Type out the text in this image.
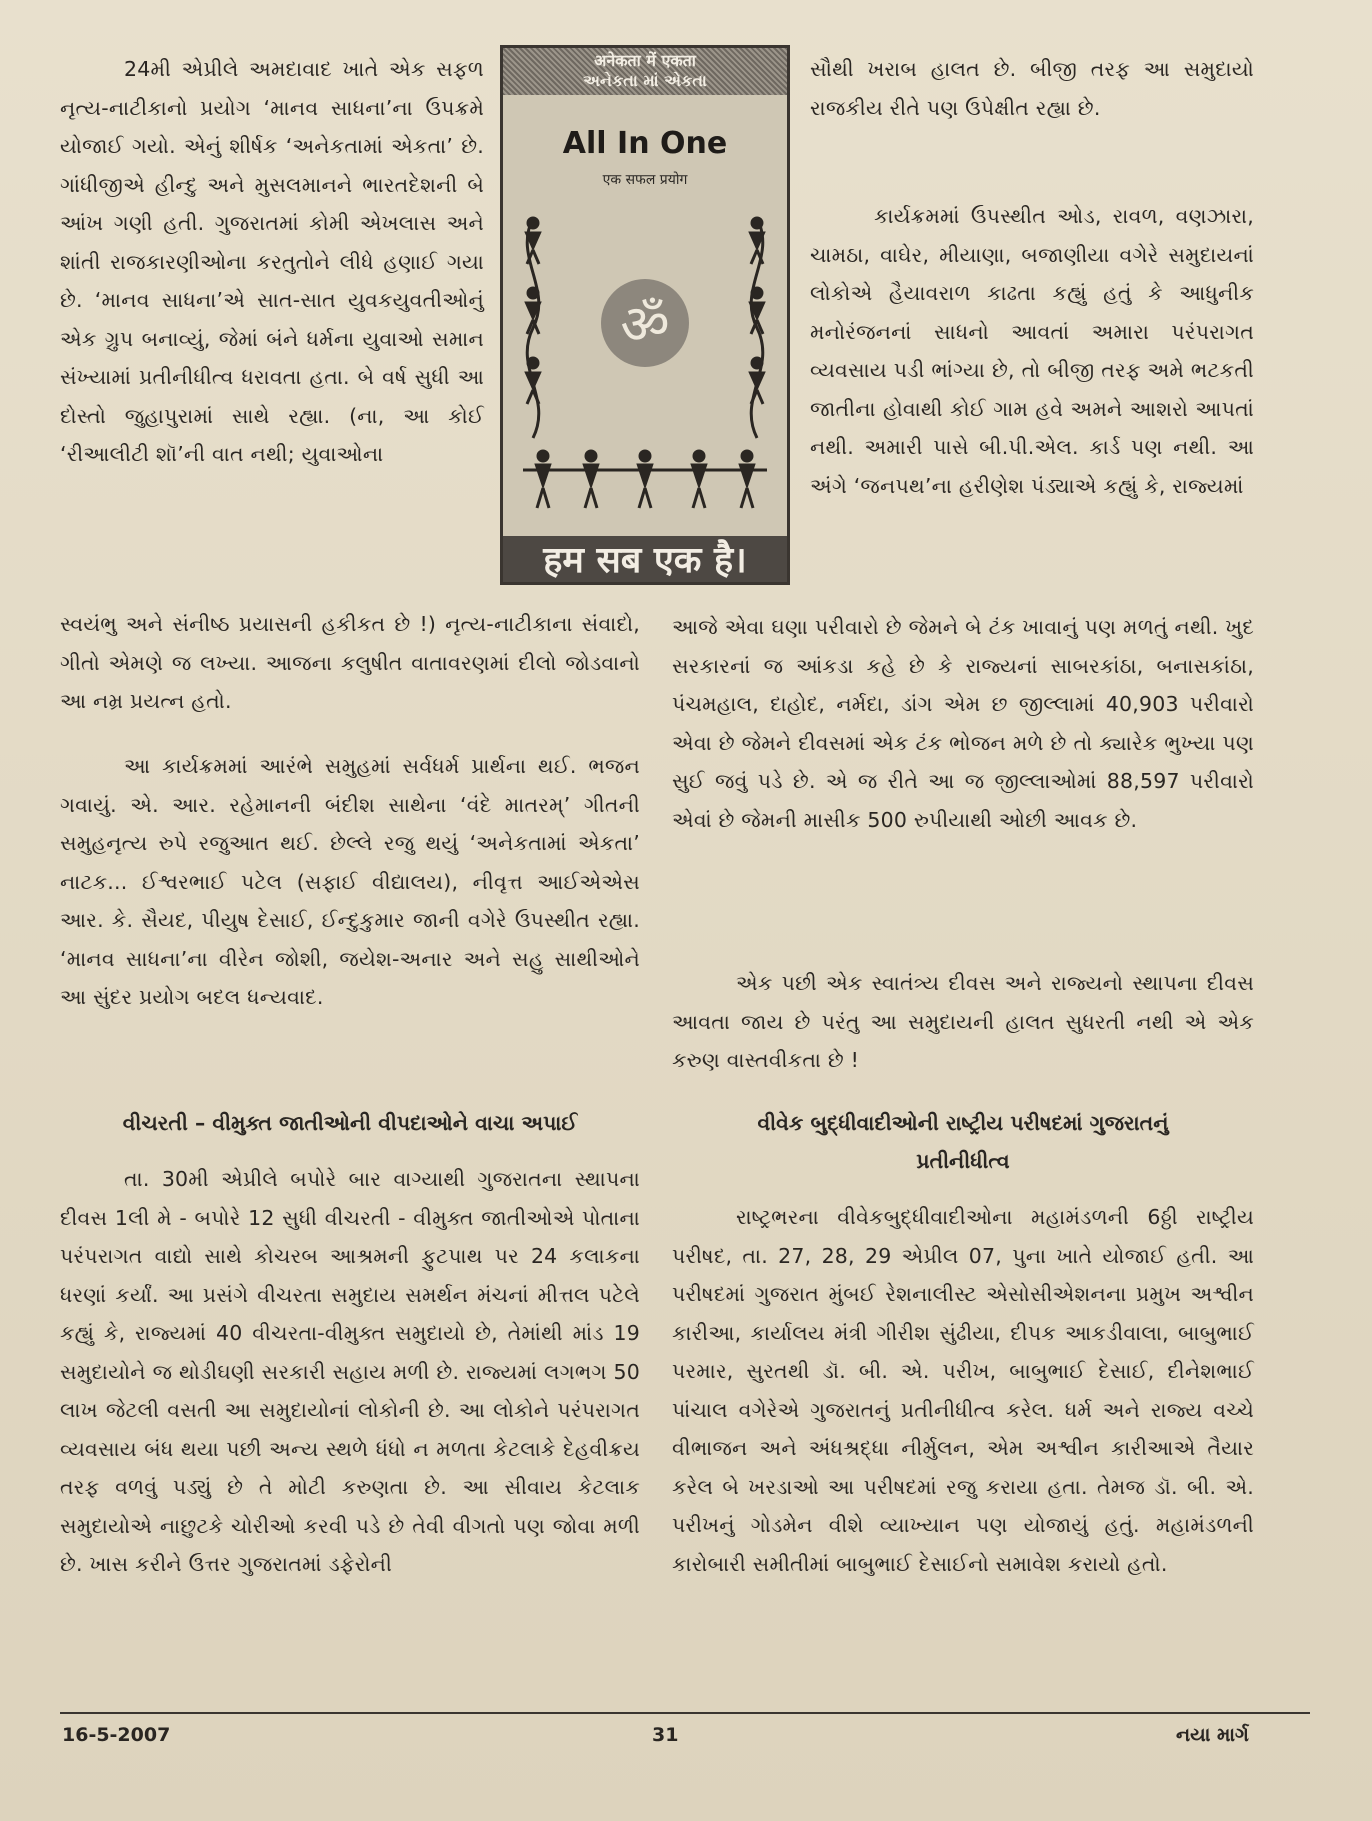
24મી એપ્રીલે અમદાવાદ ખાતે એક સફળ નૃત્ય-નાટીકાનો પ્રયોગ ‘માનવ સાધના’ના ઉપક્રમે યોજાઈ ગયો. એનું શીર્ષક ‘અનેકતામાં એકતા’ છે. ગાંધીજીએ હીન્દુ અને મુસલમાનને ભારતદેશની બે આંખ ગણી હતી. ગુજરાતમાં કોમી એખલાસ અને શાંતી રાજકારણીઓના કરતુતોને લીધે હણાઈ ગયા છે. ‘માનવ સાધના’એ સાત-સાત યુવકયુવતીઓનું એક ગ્રુપ બનાવ્યું, જેમાં બંને ધર્મના યુવાઓ સમાન સંખ્યામાં પ્રતીનીધીત્વ ધરાવતા હતા. બે વર્ષ સુધી આ દોસ્તો જુહાપુરામાં સાથે રહ્યા. (ના, આ કોઈ ‘રીઆલીટી શૉ’ની વાત નથી; યુવાઓના

अनेकता में एकता
અનેકતા માં એકતા
All In One
एक सफल प्रयोग
ॐ
हम सब एक है।

સૌથી ખરાબ હાલત છે. બીજી તરફ આ સમુદાયો રાજકીય રીતે પણ ઉપેક્ષીત રહ્યા છે.

કાર્યક્રમમાં ઉપસ્થીત ઓડ, રાવળ, વણઝારા, ચામઠા, વાઘેર, મીયાણા, બજાણીયા વગેરે સમુદાયનાં લોકોએ હૈયાવરાળ કાઢતા કહ્યું હતું કે આધુનીક મનોરંજનનાં સાધનો આવતાં અમારા પરંપરાગત વ્યવસાય પડી ભાંગ્યા છે, તો બીજી તરફ અમે ભટકતી જાતીના હોવાથી કોઈ ગામ હવે અમને આશરો આપતાં નથી. અમારી પાસે બી.પી.એલ. કાર્ડ પણ નથી. આ અંગે ‘જનપથ’ના હરીણેશ પંડ્યાએ કહ્યું કે, રાજ્યમાં

સ્વયંભુ અને સંનીષ્ઠ પ્રયાસની હકીકત છે !) નૃત્ય-નાટીકાના સંવાદો, ગીતો એમણે જ લખ્યા. આજના કલુષીત વાતાવરણમાં દીલો જોડવાનો આ નમ્ર પ્રયત્ન હતો.

આ કાર્યક્રમમાં આરંભે સમુહમાં સર્વધર્મ પ્રાર્થના થઈ. ભજન ગવાયું. એ. આર. રહેમાનની બંદીશ સાથેના ‘વંદે માતરમ્’ ગીતની સમુહનૃત્ય રુપે રજુઆત થઈ. છેલ્લે રજુ થયું ‘અનેકતામાં એકતા’ નાટક... ઈશ્વરભાઈ પટેલ (સફાઈ વીદ્યાલય), નીવૃત્ત આઈએએસ આર. કે. સૈયદ, પીયુષ દેસાઈ, ઈન્દુકુમાર જાની વગેરે ઉપસ્થીત રહ્યા. ‘માનવ સાધના’ના વીરેન જોશી, જયેશ-અનાર અને સહુ સાથીઓને આ સુંદર પ્રયોગ બદલ ધન્યવાદ.

આજે એવા ઘણા પરીવારો છે જેમને બે ટંક ખાવાનું પણ મળતું નથી. ખુદ સરકારનાં જ આંકડા કહે છે કે રાજ્યનાં સાબરકાંઠા, બનાસકાંઠા, પંચમહાલ, દાહોદ, નર્મદા, ડાંગ એમ છ જીલ્લામાં 40,903 પરીવારો એવા છે જેમને દીવસમાં એક ટંક ભોજન મળે છે તો ક્યારેક ભુખ્યા પણ સુઈ જવું પડે છે. એ જ રીતે આ જ જીલ્લાઓમાં 88,597 પરીવારો એવાં છે જેમની માસીક 500 રુપીયાથી ઓછી આવક છે.

એક પછી એક સ્વાતંત્ર્ય દીવસ અને રાજ્યનો સ્થાપના દીવસ આવતા જાય છે પરંતુ આ સમુદાયની હાલત સુધરતી નથી એ એક કરુણ વાસ્તવીકતા છે !

વીચરતી – વીમુક્ત જાતીઓની વીપદાઓને વાચા અપાઈ

તા. 30મી એપ્રીલે બપોરે બાર વાગ્યાથી ગુજરાતના સ્થાપના દીવસ 1લી મે - બપોરે 12 સુધી વીચરતી - વીમુક્ત જાતીઓએ પોતાના પરંપરાગત વાદ્યો સાથે કોચરબ આશ્રમની ફુટપાથ પર 24 કલાકના ધરણાં કર્યાં. આ પ્રસંગે વીચરતા સમુદાય સમર્થન મંચનાં મીત્તલ પટેલે કહ્યું કે, રાજ્યમાં 40 વીચરતા-વીમુક્ત સમુદાયો છે, તેમાંથી માંડ 19 સમુદાયોને જ થોડીઘણી સરકારી સહાય મળી છે. રાજ્યમાં લગભગ 50 લાખ જેટલી વસતી આ સમુદાયોનાં લોકોની છે. આ લોકોને પરંપરાગત વ્યવસાય બંધ થયા પછી અન્ય સ્થળે ધંધો ન મળતા કેટલાકે દેહવીક્રય તરફ વળવું પડ્યું છે તે મોટી કરુણતા છે. આ સીવાય કેટલાક સમુદાયોએ નાછુટકે ચોરીઓ કરવી પડે છે તેવી વીગતો પણ જોવા મળી છે. ખાસ કરીને ઉત્તર ગુજરાતમાં ડફેરોની

વીવેક બુદ્ધીવાદીઓની રાષ્ટ્રીય પરીષદમાં ગુજરાતનું
પ્રતીનીધીત્વ

રાષ્ટ્રભરના વીવેકબુદ્ધીવાદીઓના મહામંડળની 6ઠ્ઠી રાષ્ટ્રીય પરીષદ, તા. 27, 28, 29 એપ્રીલ 07, પુના ખાતે યોજાઈ હતી. આ પરીષદમાં ગુજરાત મુંબઈ રેશનાલીસ્ટ એસોસીએશનના પ્રમુખ અશ્વીન કારીઆ, કાર્યાલય મંત્રી ગીરીશ સુંઢીયા, દીપક આકડીવાલા, બાબુભાઈ પરમાર, સુરતથી ડૉ. બી. એ. પરીખ, બાબુભાઈ દેસાઈ, દીનેશભાઈ પાંચાલ વગેરેએ ગુજરાતનું પ્રતીનીધીત્વ કરેલ. ધર્મ અને રાજ્ય વચ્ચે વીભાજન અને અંધશ્રદ્ધા નીર્મુલન, એમ અશ્વીન કારીઆએ તૈયાર કરેલ બે ખરડાઓ આ પરીષદમાં રજુ કરાયા હતા. તેમજ ડૉ. બી. એ. પરીખનું ગોડમેન વીશે વ્યાખ્યાન પણ યોજાયું હતું. મહામંડળની કારોબારી સમીતીમાં બાબુભાઈ દેસાઈનો સમાવેશ કરાયો હતો.

16-5-2007	31	નયા માર્ગ
